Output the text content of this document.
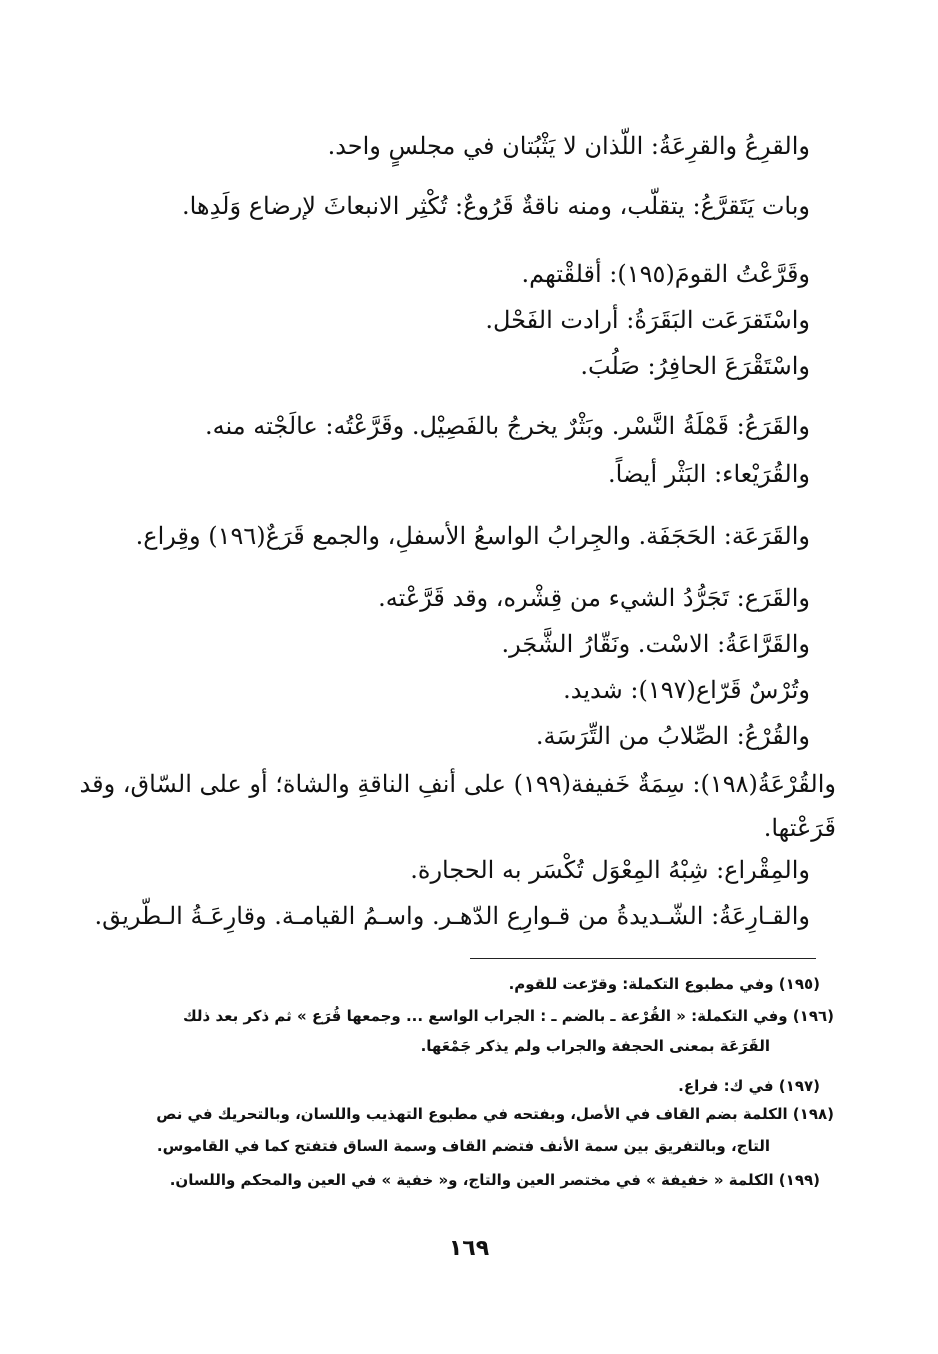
والقرِعُ والقرِعَةُ: اللّذان لا يَثْبُتان في مجلسٍ واحد.
وبات يَتَقرَّعُ: يتقلّب، ومنه ناقةٌ قَرُوعٌ: تُكْثِر الانبعاثَ لإرضاع وَلَدِها.
وقَرَّعْتُ القومَ(١٩٥): أقلقْتهم.
واسْتَقرَعَت البَقَرَةُ: أرادت الفَحْل.
واسْتَقْرَعَ الحافِرُ: صَلُبَ.
والقَرَعُ: قَمْلَةُ النَّسْر. وبَثْرٌ يخرجُ بالفَصِيْل. وقَرَّعْتُه: عالَجْته منه.
والقُرَيْعاء: البَثْر أيضاً.
والقَرَعَة: الحَجَفَة. والجِرابُ الواسعُ الأسفلِ، والجمع قَرَعٌ(١٩٦) وقِراع.
والقَرَع: تَجَرُّدُ الشيء من قِشْره، وقد قَرَّعْته.
والقَرَّاعَةُ: الاسْت. ونَقّارُ الشَّجَر.
وتُرْسٌ قَرّاع(١٩٧): شديد.
والقُرْعُ: الصِّلابُ من التِّرَسَة.
والقُرْعَةُ(١٩٨): سِمَةٌ خَفيفة(١٩٩) على أنفِ الناقةِ والشاة؛ أو على السّاق، وقد
قَرَعْتها.
والمِقْراع: شِبْهُ المِعْوَل تُكْسَر به الحجارة.
والقـارِعَةُ: الشّـديدةُ من قـوارِع الدّهـر. واسـمُ القيامـة. وقارِعَـةُ الـطّريق.
(١٩٥) وفي مطبوع التكملة: وقرّعت للقوم.
(١٩٦) وفي التكملة: « القُرْعة ـ بالضم ـ : الجراب الواسع ... وجمعها قُرَع » ثم ذكر بعد ذلك
القَرَعَة بمعنى الحجفة والجراب ولم يذكر جَمْعَها.
(١٩٧) في ك: فراع.
(١٩٨) الكلمة بضم القاف في الأصل، وبفتحه في مطبوع التهذيب واللسان، وبالتحريك في نص
التاج، وبالتفريق بين سمة الأنف فتضم القاف وسمة الساق فتفتح كما في القاموس.
(١٩٩) الكلمة « خفيفة » في مختصر العين والتاج، و« خفية » في العين والمحكم واللسان.
١٦٩
